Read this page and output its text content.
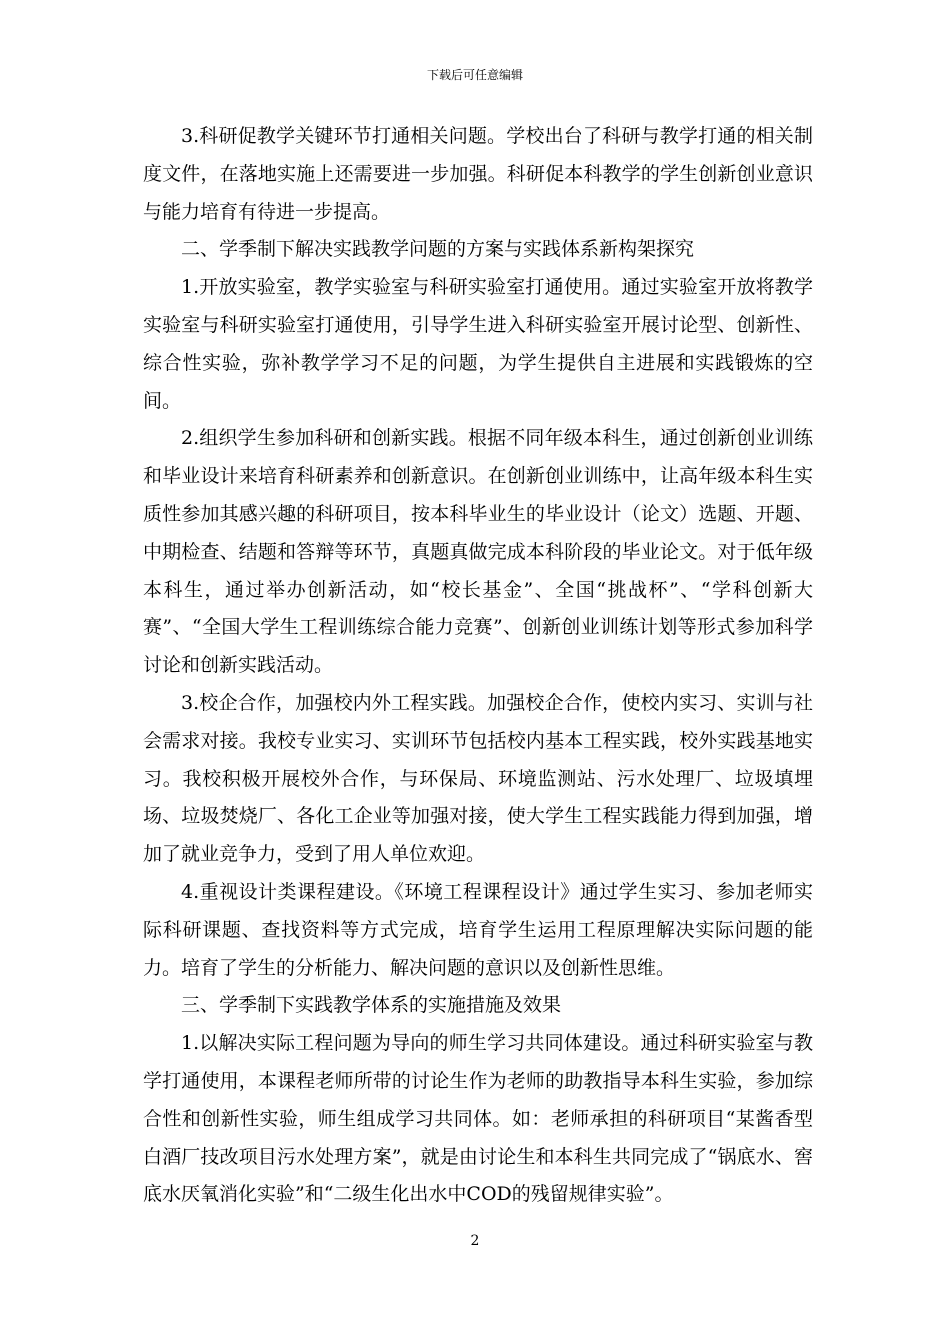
下载后可任意编辑

3.科研促教学关键环节打通相关问题。学校出台了科研与教学打通的相关制度文件，在落地实施上还需要进一步加强。科研促本科教学的学生创新创业意识与能力培育有待进一步提高。

二、学季制下解决实践教学问题的方案与实践体系新构架探究

1.开放实验室，教学实验室与科研实验室打通使用。通过实验室开放将教学实验室与科研实验室打通使用，引导学生进入科研实验室开展讨论型、创新性、综合性实验，弥补教学学习不足的问题，为学生提供自主进展和实践锻炼的空间。

2.组织学生参加科研和创新实践。根据不同年级本科生，通过创新创业训练和毕业设计来培育科研素养和创新意识。在创新创业训练中，让高年级本科生实质性参加其感兴趣的科研项目，按本科毕业生的毕业设计（论文）选题、开题、中期检查、结题和答辩等环节，真题真做完成本科阶段的毕业论文。对于低年级本科生，通过举办创新活动，如“校长基金”、全国“挑战杯”、“学科创新大赛”、“全国大学生工程训练综合能力竞赛”、创新创业训练计划等形式参加科学讨论和创新实践活动。

3.校企合作，加强校内外工程实践。加强校企合作，使校内实习、实训与社会需求对接。我校专业实习、实训环节包括校内基本工程实践，校外实践基地实习。我校积极开展校外合作，与环保局、环境监测站、污水处理厂、垃圾填埋场、垃圾焚烧厂、各化工企业等加强对接，使大学生工程实践能力得到加强，增加了就业竞争力，受到了用人单位欢迎。

4.重视设计类课程建设。《环境工程课程设计》通过学生实习、参加老师实际科研课题、查找资料等方式完成，培育学生运用工程原理解决实际问题的能力。培育了学生的分析能力、解决问题的意识以及创新性思维。

三、学季制下实践教学体系的实施措施及效果

1.以解决实际工程问题为导向的师生学习共同体建设。通过科研实验室与教学打通使用，本课程老师所带的讨论生作为老师的助教指导本科生实验，参加综合性和创新性实验，师生组成学习共同体。如：老师承担的科研项目“某酱香型白酒厂技改项目污水处理方案”，就是由讨论生和本科生共同完成了“锅底水、窖底水厌氧消化实验”和“二级生化出水中COD的残留规律实验”。

2
